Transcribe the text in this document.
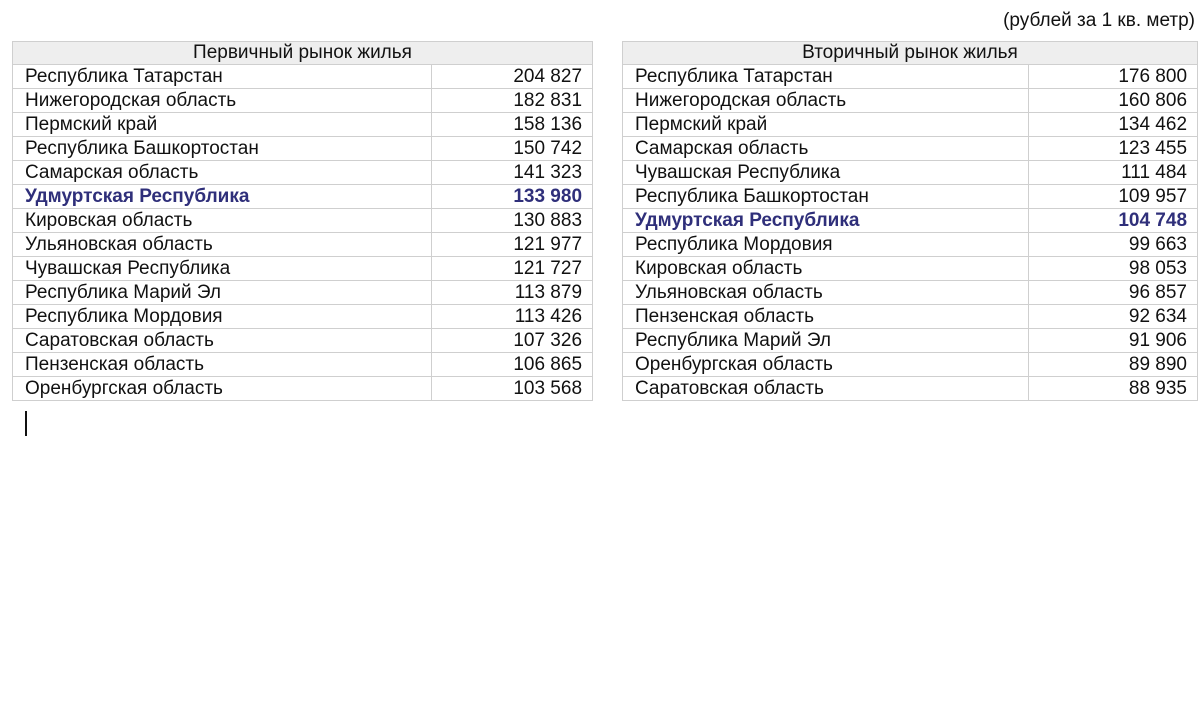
(рублей за 1 кв. метр)
Первичный рынок жилья	
Республика Татарстан	204 827
Нижегородская область	182 831
Пермский край	158 136
Республика Башкортостан	150 742
Самарская область	141 323
Удмуртская Республика	133 980
Кировская область	130 883
Ульяновская область	121 977
Чувашская Республика	121 727
Республика Марий Эл	113 879
Республика Мордовия	113 426
Саратовская область	107 326
Пензенская область	106 865
Оренбургская область	103 568
Вторичный рынок жилья	
Республика Татарстан	176 800
Нижегородская область	160 806
Пермский край	134 462
Самарская область	123 455
Чувашская Республика	111 484
Республика Башкортостан	109 957
Удмуртская Республика	104 748
Республика Мордовия	99 663
Кировская область	98 053
Ульяновская область	96 857
Пензенская область	92 634
Республика Марий Эл	91 906
Оренбургская область	89 890
Саратовская область	88 935
